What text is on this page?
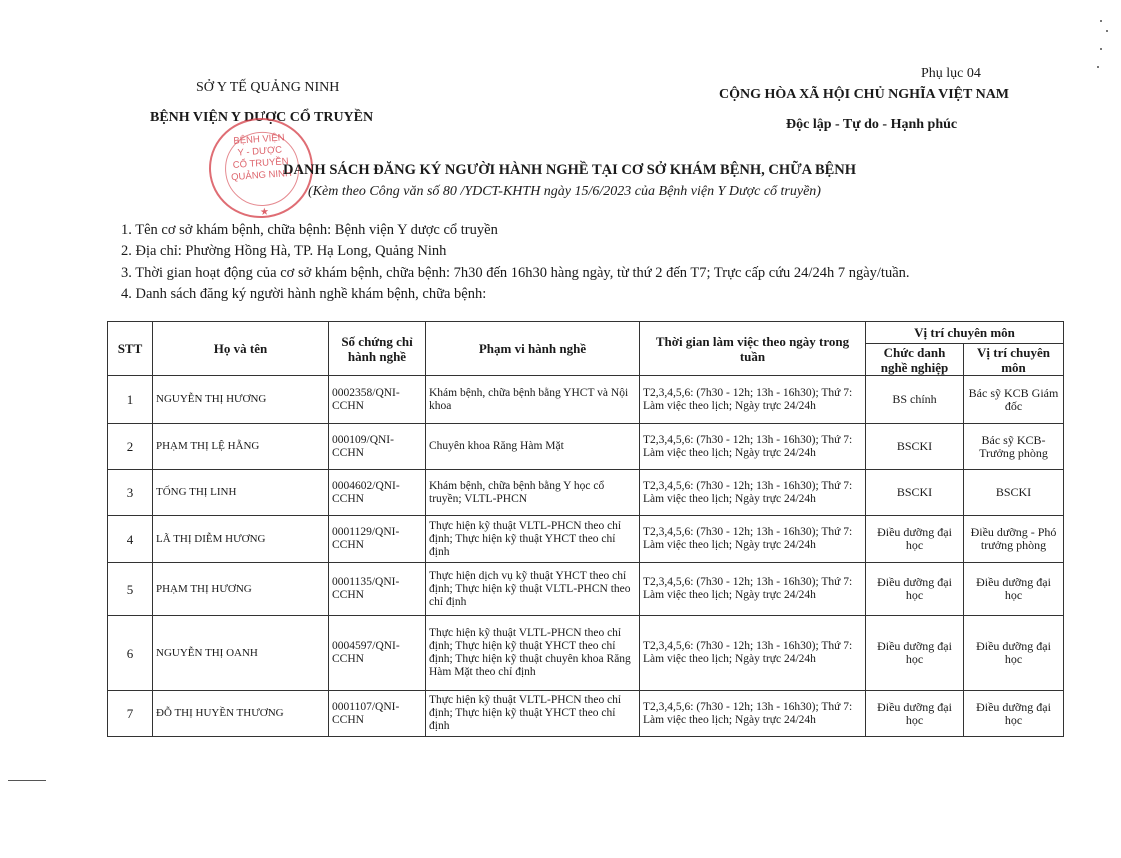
SỞ Y TẾ QUẢNG NINH
BỆNH VIỆN Y DƯỢC CỔ TRUYỀN
Phụ lục 04
CỘNG HÒA XÃ HỘI CHỦ NGHĨA VIỆT NAM
Độc lập - Tự do - Hạnh phúc
BỆNH VIỆN
Y - DƯỢC
CỔ TRUYỀN
QUẢNG NINH
★
DANH SÁCH ĐĂNG KÝ NGƯỜI HÀNH NGHỀ TẠI CƠ SỞ KHÁM BỆNH, CHỮA BỆNH
(Kèm theo Công văn số 80 /YDCT-KHTH ngày 15/6/2023 của Bệnh viện Y Dược cổ truyền)
1. Tên cơ sở khám bệnh, chữa bệnh: Bệnh viện Y dược cổ truyền
2. Địa chỉ: Phường Hồng Hà, TP. Hạ Long, Quảng Ninh
3. Thời gian hoạt động của cơ sở khám bệnh, chữa bệnh: 7h30 đến 16h30 hàng ngày, từ thứ 2 đến T7; Trực cấp cứu 24/24h 7 ngày/tuần.
4. Danh sách đăng ký người hành nghề khám bệnh, chữa bệnh:
STT	Họ và tên	Số chứng chỉ hành nghề	Phạm vi hành nghề	Thời gian làm việc theo ngày trong tuần	Vị trí chuyên môn	
					Chức danh nghề nghiệp	Vị trí chuyên môn
1	NGUYỄN THỊ HƯƠNG	0002358/QNI-CCHN	Khám bệnh, chữa bệnh bằng YHCT và Nội khoa	T2,3,4,5,6: (7h30 - 12h; 13h - 16h30); Thứ 7: Làm việc theo lịch; Ngày trực 24/24h	BS chính	Bác sỹ KCB Giám đốc
2	PHẠM THỊ LỆ HẰNG	000109/QNI-CCHN	Chuyên khoa Răng Hàm Mặt	T2,3,4,5,6: (7h30 - 12h; 13h - 16h30); Thứ 7: Làm việc theo lịch; Ngày trực 24/24h	BSCKI	Bác sỹ KCB-Trưởng phòng
3	TỐNG THỊ LINH	0004602/QNI-CCHN	Khám bệnh, chữa bệnh bằng Y học cổ truyền; VLTL-PHCN	T2,3,4,5,6: (7h30 - 12h; 13h - 16h30); Thứ 7: Làm việc theo lịch; Ngày trực 24/24h	BSCKI	BSCKI
4	LÃ THỊ DIỄM HƯƠNG	0001129/QNI-CCHN	Thực hiện kỹ thuật VLTL-PHCN theo chỉ định; Thực hiện kỹ thuật YHCT theo chỉ định	T2,3,4,5,6: (7h30 - 12h; 13h - 16h30); Thứ 7: Làm việc theo lịch; Ngày trực 24/24h	Điều dưỡng đại học	Điều dưỡng - Phó trưởng phòng
5	PHẠM THỊ HƯƠNG	0001135/QNI-CCHN	Thực hiện dịch vụ kỹ thuật YHCT theo chỉ định; Thực hiện kỹ thuật VLTL-PHCN theo chỉ định	T2,3,4,5,6: (7h30 - 12h; 13h - 16h30); Thứ 7: Làm việc theo lịch; Ngày trực 24/24h	Điều dưỡng đại học	Điều dưỡng đại học
6	NGUYỄN THỊ OANH	0004597/QNI-CCHN	Thực hiện kỹ thuật VLTL-PHCN theo chỉ định; Thực hiện kỹ thuật YHCT theo chỉ định; Thực hiện kỹ thuật chuyên khoa Răng Hàm Mặt theo chỉ định	T2,3,4,5,6: (7h30 - 12h; 13h - 16h30); Thứ 7: Làm việc theo lịch; Ngày trực 24/24h	Điều dưỡng đại học	Điều dưỡng đại học
7	ĐỖ THỊ HUYỀN THƯƠNG	0001107/QNI-CCHN	Thực hiện kỹ thuật VLTL-PHCN theo chỉ định; Thực hiện kỹ thuật YHCT theo chỉ định	T2,3,4,5,6: (7h30 - 12h; 13h - 16h30); Thứ 7: Làm việc theo lịch; Ngày trực 24/24h	Điều dưỡng đại học	Điều dưỡng đại học
